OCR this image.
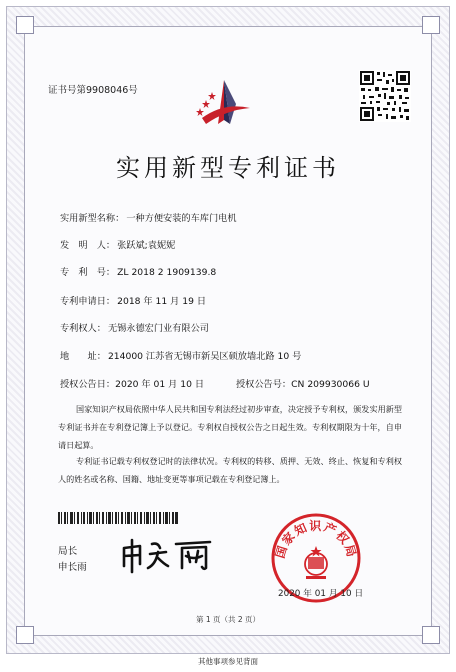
证书号第9908046号
实用新型专利证书
实用新型名称： 一种方便安装的车库门电机
发　明　人： 张跃斌;袁妮妮
专　利　号： ZL 2018 2 1909139.8
专利申请日： 2018 年 11 月 19 日
专利权人： 无锡永德宏门业有限公司
地　　址： 214000 江苏省无锡市新吴区硕放墙北路 10 号
授权公告日：2020 年 01 月 10 日	授权公告号：CN 209930066 U
国家知识产权局依照中华人民共和国专利法经过初步审查，决定授予专利权，颁发实用新型专利证书并在专利登记簿上予以登记。专利权自授权公告之日起生效。专利权期限为十年，自申请日起算。
专利证书记载专利权登记时的法律状况。专利权的转移、质押、无效、终止、恢复和专利权人的姓名或名称、国籍、地址变更等事项记载在专利登记簿上。
局长
申长雨
国家知识产权局
2020 年 01 月 10 日
第 1 页（共 2 页）
其他事项参见背面
